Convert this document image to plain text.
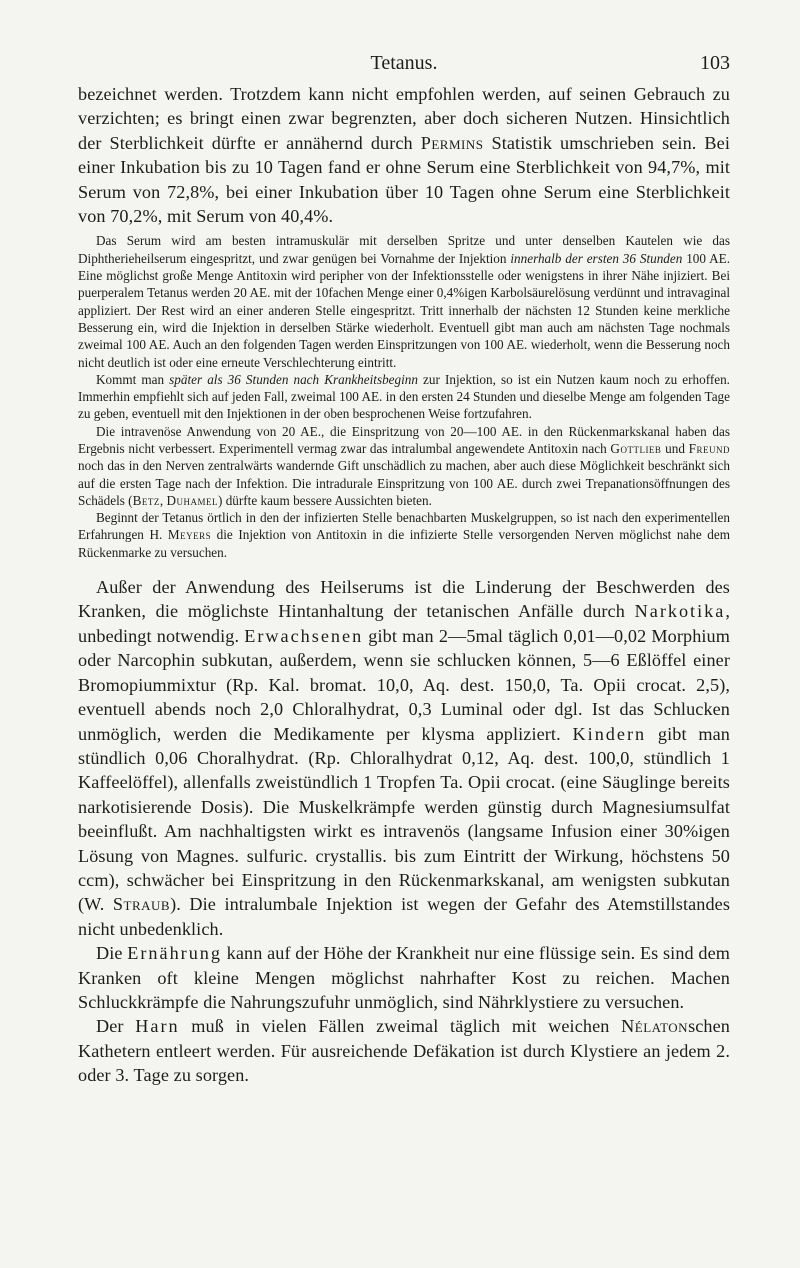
Tetanus.	103

bezeichnet werden. Trotzdem kann nicht empfohlen werden, auf seinen Gebrauch zu verzichten; es bringt einen zwar begrenzten, aber doch sicheren Nutzen. Hinsichtlich der Sterblichkeit dürfte er annähernd durch Permins Statistik umschrieben sein. Bei einer Inkubation bis zu 10 Tagen fand er ohne Serum eine Sterblichkeit von 94,7%, mit Serum von 72,8%, bei einer Inkubation über 10 Tagen ohne Serum eine Sterblichkeit von 70,2%, mit Serum von 40,4%.

Das Serum wird am besten intramuskulär mit derselben Spritze und unter denselben Kautelen wie das Diphtherieheilserum eingespritzt, und zwar genügen bei Vornahme der Injektion innerhalb der ersten 36 Stunden 100 AE. Eine möglichst große Menge Antitoxin wird peripher von der Infektionsstelle oder wenigstens in ihrer Nähe injiziert. Bei puerperalem Tetanus werden 20 AE. mit der 10fachen Menge einer 0,4%igen Karbolsäurelösung verdünnt und intravaginal appliziert. Der Rest wird an einer anderen Stelle eingespritzt. Tritt innerhalb der nächsten 12 Stunden keine merkliche Besserung ein, wird die Injektion in derselben Stärke wiederholt. Eventuell gibt man auch am nächsten Tage nochmals zweimal 100 AE. Auch an den folgenden Tagen werden Einspritzungen von 100 AE. wiederholt, wenn die Besserung noch nicht deutlich ist oder eine erneute Verschlechterung eintritt.

Kommt man später als 36 Stunden nach Krankheitsbeginn zur Injektion, so ist ein Nutzen kaum noch zu erhoffen. Immerhin empfiehlt sich auf jeden Fall, zweimal 100 AE. in den ersten 24 Stunden und dieselbe Menge am folgenden Tage zu geben, eventuell mit den Injektionen in der oben besprochenen Weise fortzufahren.

Die intravenöse Anwendung von 20 AE., die Einspritzung von 20—100 AE. in den Rückenmarkskanal haben das Ergebnis nicht verbessert. Experimentell vermag zwar das intralumbal angewendete Antitoxin nach Gottlieb und Freund noch das in den Nerven zentralwärts wandernde Gift unschädlich zu machen, aber auch diese Möglichkeit beschränkt sich auf die ersten Tage nach der Infektion. Die intradurale Einspritzung von 100 AE. durch zwei Trepanationsöffnungen des Schädels (Betz, Duhamel) dürfte kaum bessere Aussichten bieten.

Beginnt der Tetanus örtlich in den der infizierten Stelle benachbarten Muskelgruppen, so ist nach den experimentellen Erfahrungen H. Meyers die Injektion von Antitoxin in die infizierte Stelle versorgenden Nerven möglichst nahe dem Rückenmarke zu versuchen.

Außer der Anwendung des Heilserums ist die Linderung der Beschwerden des Kranken, die möglichste Hintanhaltung der tetanischen Anfälle durch Narkotika, unbedingt notwendig. Erwachsenen gibt man 2—5mal täglich 0,01—0,02 Morphium oder Narcophin subkutan, außerdem, wenn sie schlucken können, 5—6 Eßlöffel einer Bromopiummixtur (Rp. Kal. bromat. 10,0, Aq. dest. 150,0, Ta. Opii crocat. 2,5), eventuell abends noch 2,0 Chloralhydrat, 0,3 Luminal oder dgl. Ist das Schlucken unmöglich, werden die Medikamente per klysma appliziert. Kindern gibt man stündlich 0,06 Choralhydrat. (Rp. Chloralhydrat 0,12, Aq. dest. 100,0, stündlich 1 Kaffeelöffel), allenfalls zweistündlich 1 Tropfen Ta. Opii crocat. (eine Säuglinge bereits narkotisierende Dosis). Die Muskelkrämpfe werden günstig durch Magnesiumsulfat beeinflußt. Am nachhaltigsten wirkt es intravenös (langsame Infusion einer 30%igen Lösung von Magnes. sulfuric. crystallis. bis zum Eintritt der Wirkung, höchstens 50 ccm), schwächer bei Einspritzung in den Rückenmarkskanal, am wenigsten subkutan (W. Straub). Die intralumbale Injektion ist wegen der Gefahr des Atemstillstandes nicht unbedenklich.

Die Ernährung kann auf der Höhe der Krankheit nur eine flüssige sein. Es sind dem Kranken oft kleine Mengen möglichst nahrhafter Kost zu reichen. Machen Schluckkrämpfe die Nahrungszufuhr unmöglich, sind Nährklystiere zu versuchen.

Der Harn muß in vielen Fällen zweimal täglich mit weichen Nélatonschen Kathetern entleert werden. Für ausreichende Defäkation ist durch Klystiere an jedem 2. oder 3. Tage zu sorgen.
